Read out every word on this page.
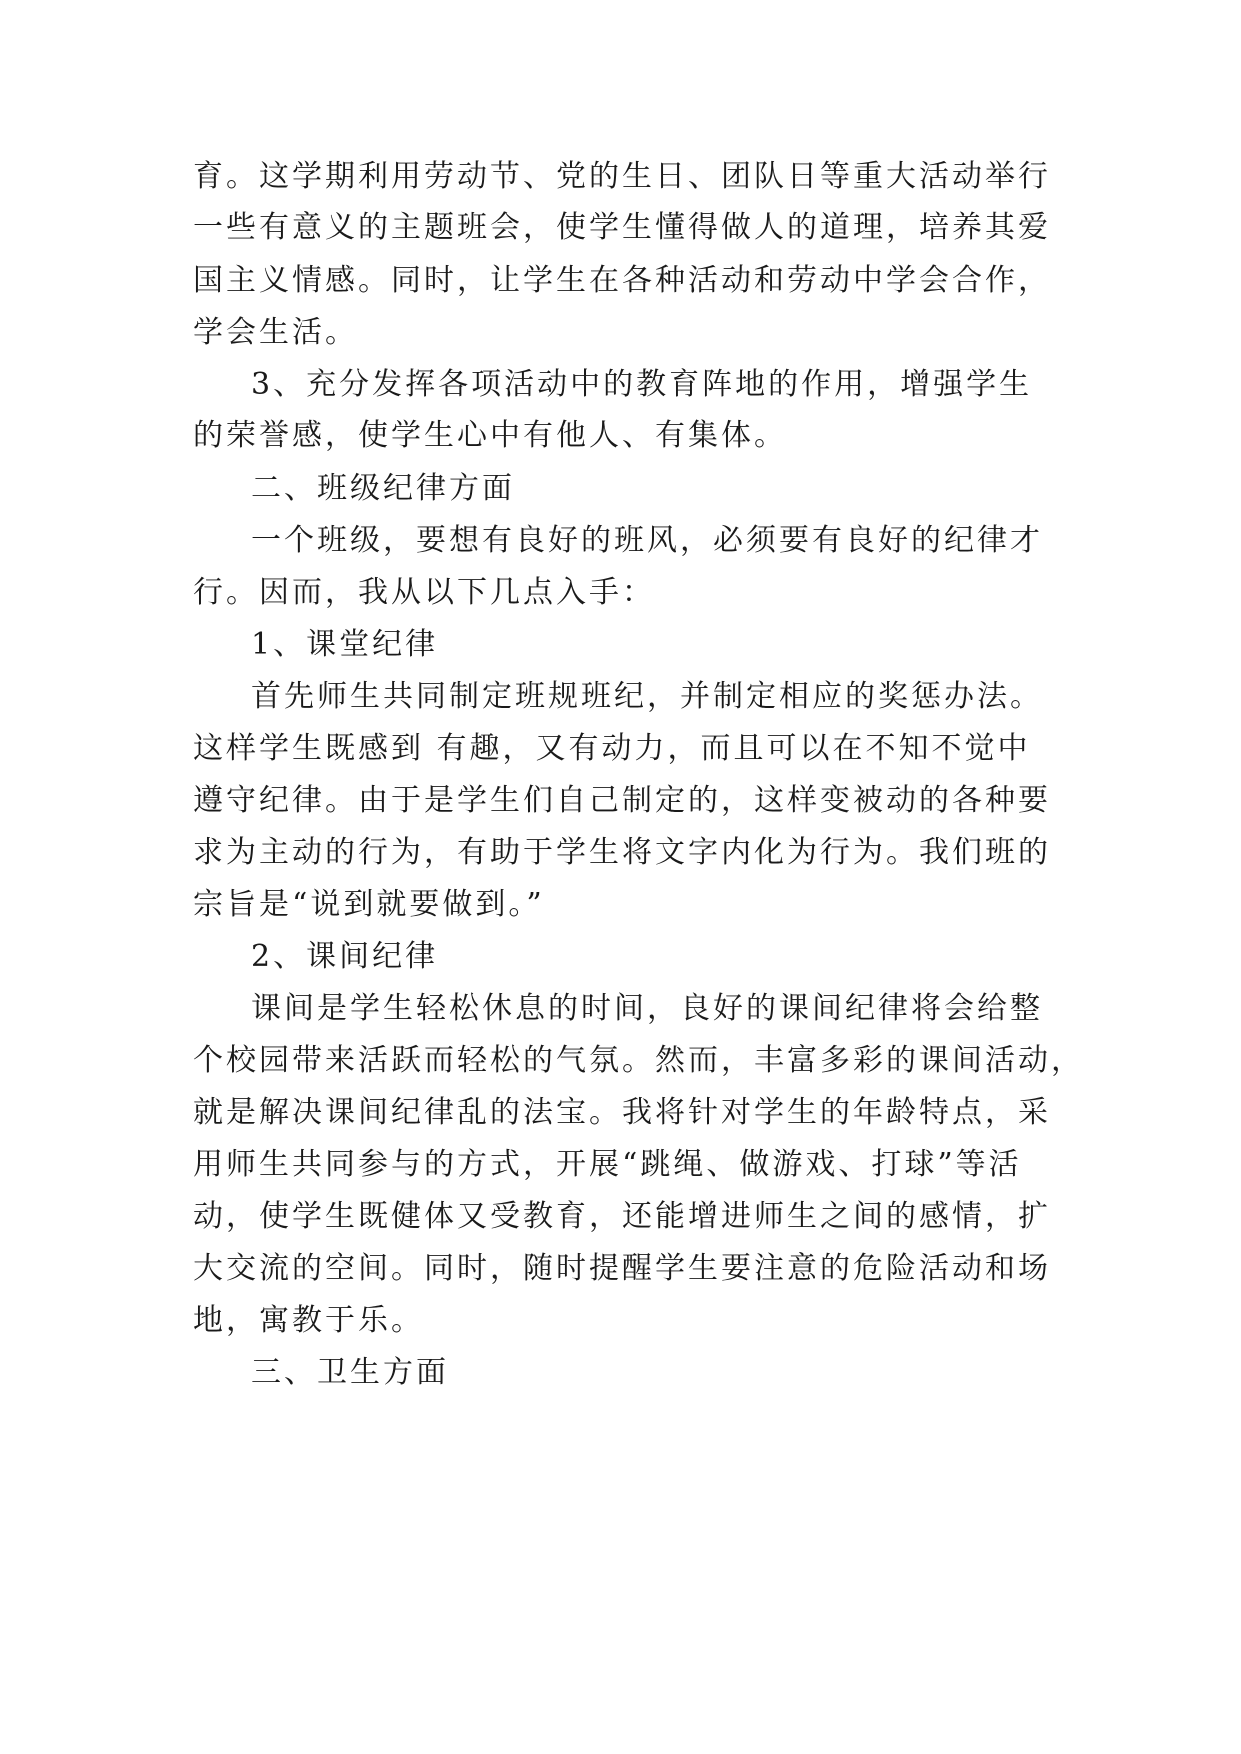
育。这学期利用劳动节、党的生日、团队日等重大活动举行
一些有意义的主题班会，使学生懂得做人的道理，培养其爱
国主义情感。同时，让学生在各种活动和劳动中学会合作，
学会生活。
3、充分发挥各项活动中的教育阵地的作用，增强学生
的荣誉感，使学生心中有他人、有集体。
二、班级纪律方面
一个班级，要想有良好的班风，必须要有良好的纪律才
行。因而，我从以下几点入手：
1、课堂纪律
首先师生共同制定班规班纪，并制定相应的奖惩办法。
这样学生既感到 有趣，又有动力，而且可以在不知不觉中
遵守纪律。由于是学生们自己制定的，这样变被动的各种要
求为主动的行为，有助于学生将文字内化为行为。我们班的
宗旨是“说到就要做到。”
2、课间纪律
课间是学生轻松休息的时间，良好的课间纪律将会给整
个校园带来活跃而轻松的气氛。然而，丰富多彩的课间活动，
就是解决课间纪律乱的法宝。我将针对学生的年龄特点，采
用师生共同参与的方式，开展“跳绳、做游戏、打球”等活
动，使学生既健体又受教育，还能增进师生之间的感情，扩
大交流的空间。同时，随时提醒学生要注意的危险活动和场
地，寓教于乐。
三、卫生方面
